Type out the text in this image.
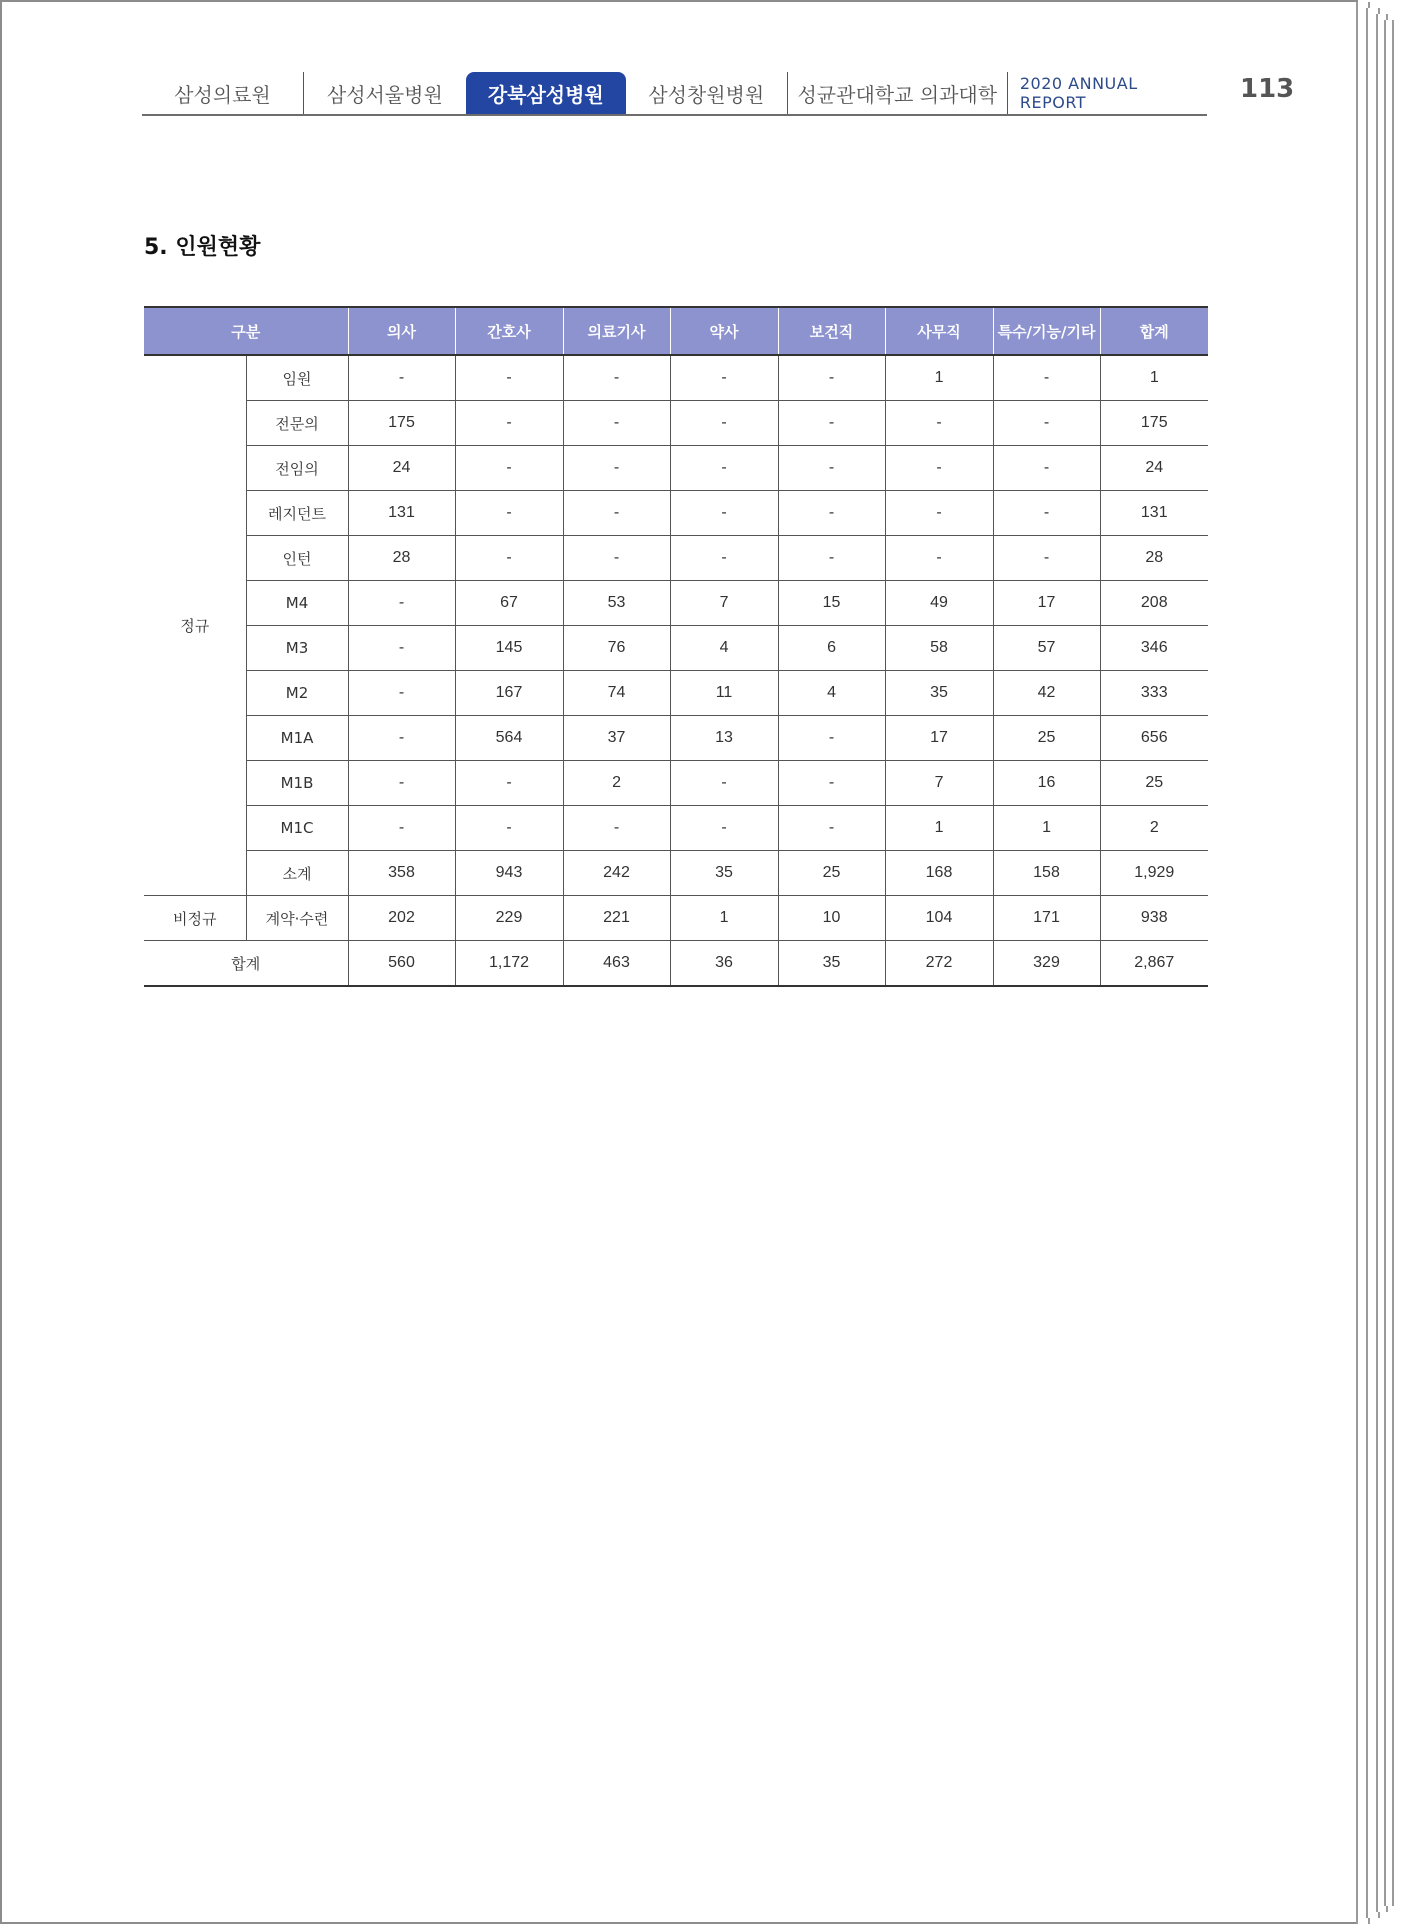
삼성의료원	삼성서울병원	강북삼성병원	삼성창원병원	성균관대학교 의과대학	2020 ANNUAL REPORT	113
5. 인원현황
구분		의사	간호사	의료기사	약사	보건직	사무직	특수/기능/기타	합계
정규	임원	-	-	-	-	-	1	-	1
	전문의	175	-	-	-	-	-	-	175
	전임의	24	-	-	-	-	-	-	24
	레지던트	131	-	-	-	-	-	-	131
	인턴	28	-	-	-	-	-	-	28
	M4	-	67	53	7	15	49	17	208
	M3	-	145	76	4	6	58	57	346
	M2	-	167	74	11	4	35	42	333
	M1A	-	564	37	13	-	17	25	656
	M1B	-	-	2	-	-	7	16	25
	M1C	-	-	-	-	-	1	1	2
	소계	358	943	242	35	25	168	158	1,929
비정규	계약·수련	202	229	221	1	10	104	171	938
합계		560	1,172	463	36	35	272	329	2,867
